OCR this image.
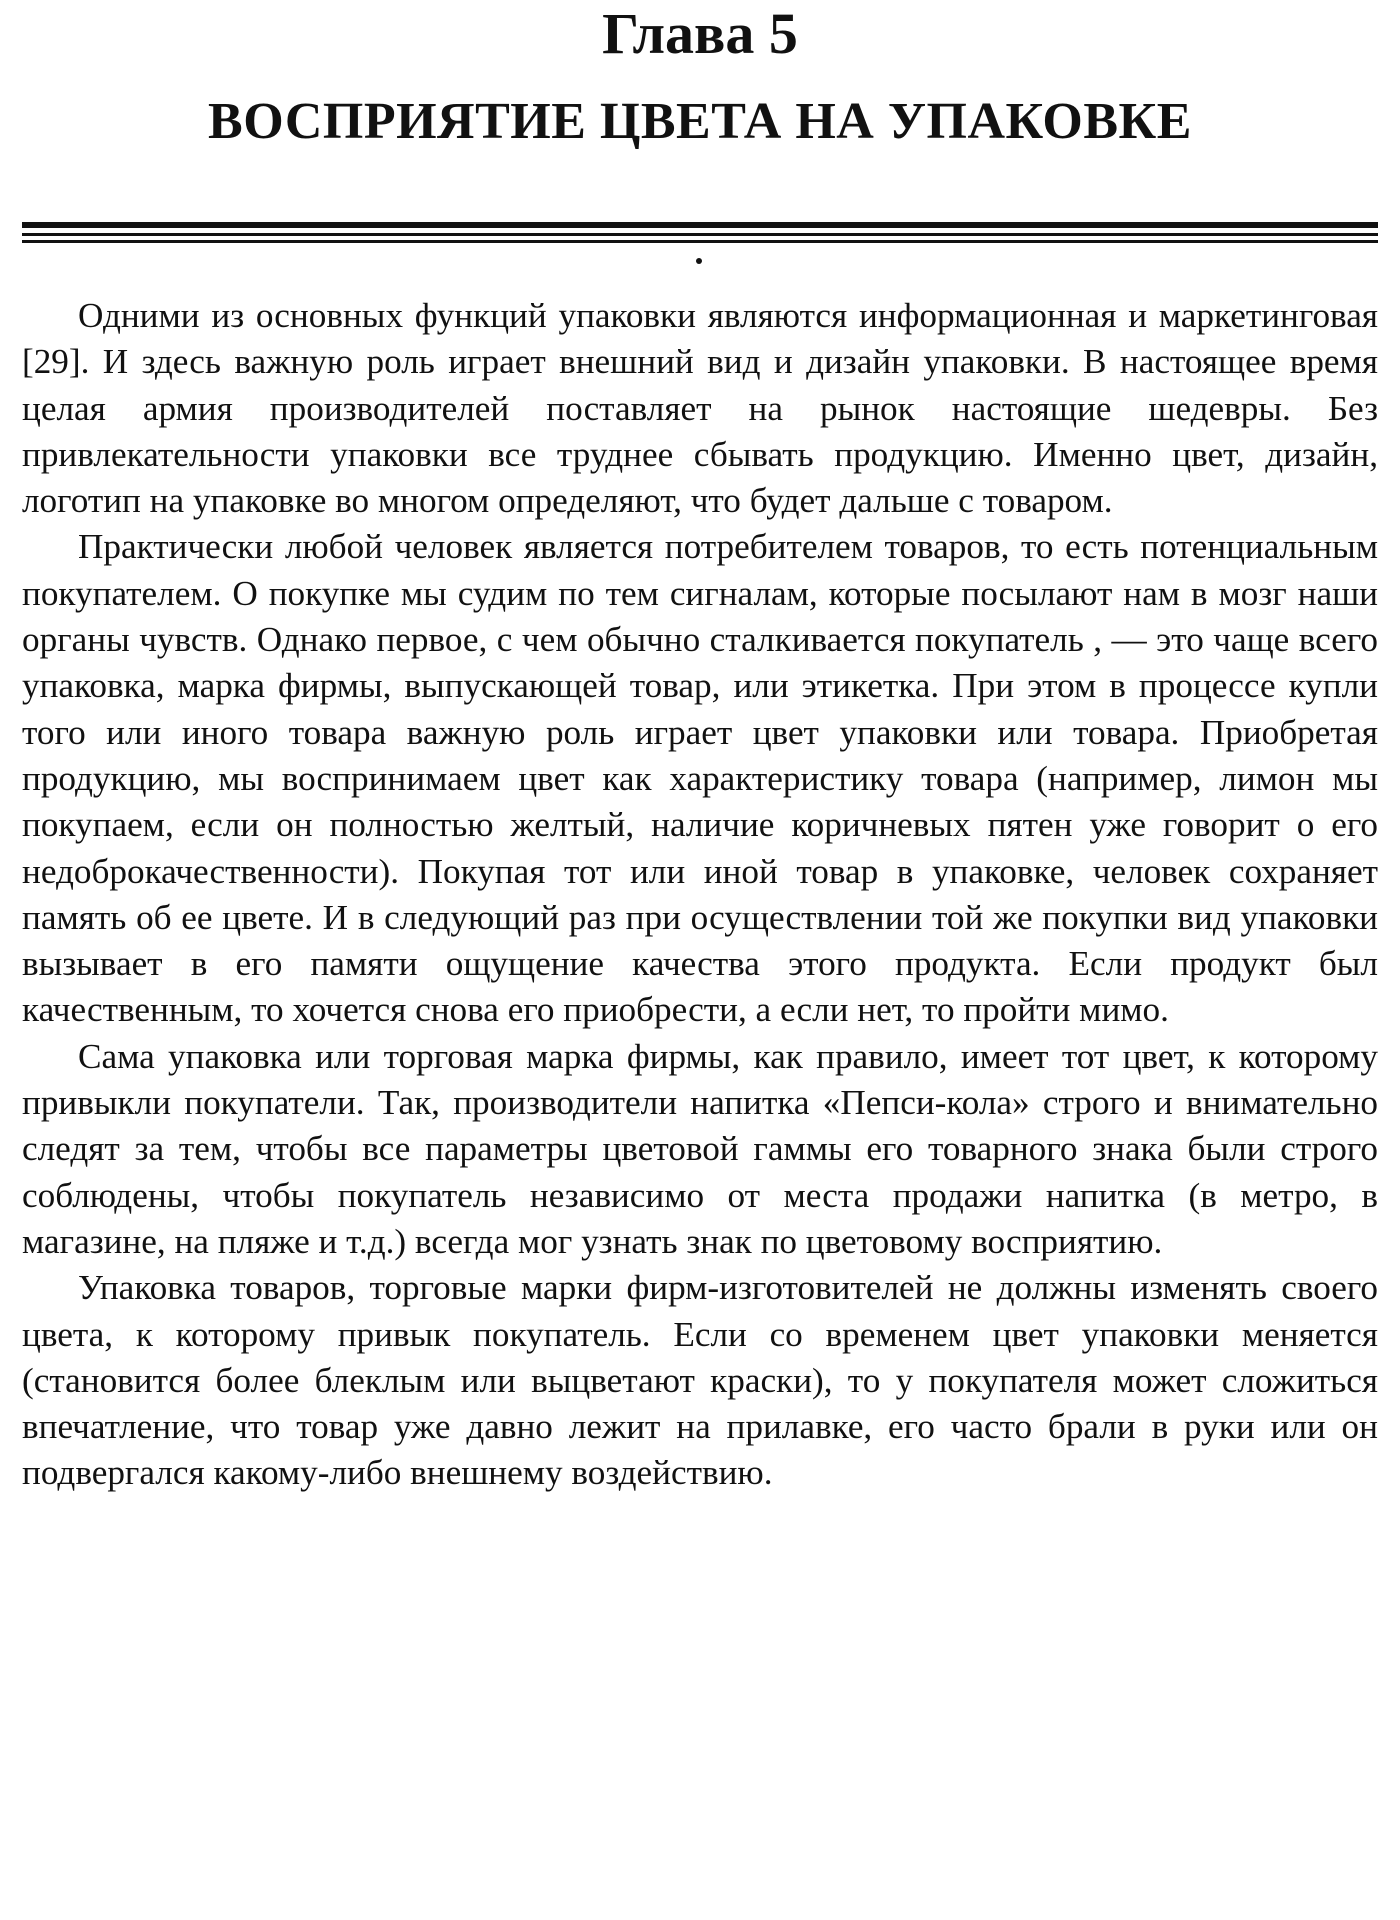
Глава 5
ВОСПРИЯТИЕ ЦВЕТА НА УПАКОВКЕ

Одними из основных функций упаковки являются информационная и маркетинговая [29]. И здесь важную роль играет внешний вид и дизайн упаковки. В настоящее время целая армия производителей поставляет на рынок настоящие шедевры. Без привлекательности упаковки все труднее сбывать продукцию. Именно цвет, дизайн, логотип на упаковке во многом определяют, что будет дальше с товаром.

Практически любой человек является потребителем товаров, то есть потенциальным покупателем. О покупке мы судим по тем сигналам, которые посылают нам в мозг наши органы чувств. Однако первое, с чем обычно сталкивается покупатель , — это чаще всего упаковка, марка фирмы, выпускающей товар, или этикетка. При этом в процессе купли того или иного товара важную роль играет цвет упаковки или товара. Приобретая продукцию, мы воспринимаем цвет как характеристику товара (например, лимон мы покупаем, если он полностью желтый, наличие коричневых пятен уже говорит о его недоброкачественности). Покупая тот или иной товар в упаковке, человек сохраняет память об ее цвете. И в следующий раз при осуществлении той же покупки вид упаковки вызывает в его памяти ощущение качества этого продукта. Если продукт был качественным, то хочется снова его приобрести, а если нет, то пройти мимо.

Сама упаковка или торговая марка фирмы, как правило, имеет тот цвет, к которому привыкли покупатели. Так, производители напитка «Пепси-кола» строго и внимательно следят за тем, чтобы все параметры цветовой гаммы его товарного знака были строго соблюдены, чтобы покупатель независимо от места продажи напитка (в метро, в магазине, на пляже и т.д.) всегда мог узнать знак по цветовому восприятию.

Упаковка товаров, торговые марки фирм-изготовителей не должны изменять своего цвета, к которому привык покупатель. Если со временем цвет упаковки меняется (становится более блеклым или выцветают краски), то у покупателя может сложиться впечатление, что товар уже давно лежит на прилавке, его часто брали в руки или он подвергался какому-либо внешнему воздействию.
